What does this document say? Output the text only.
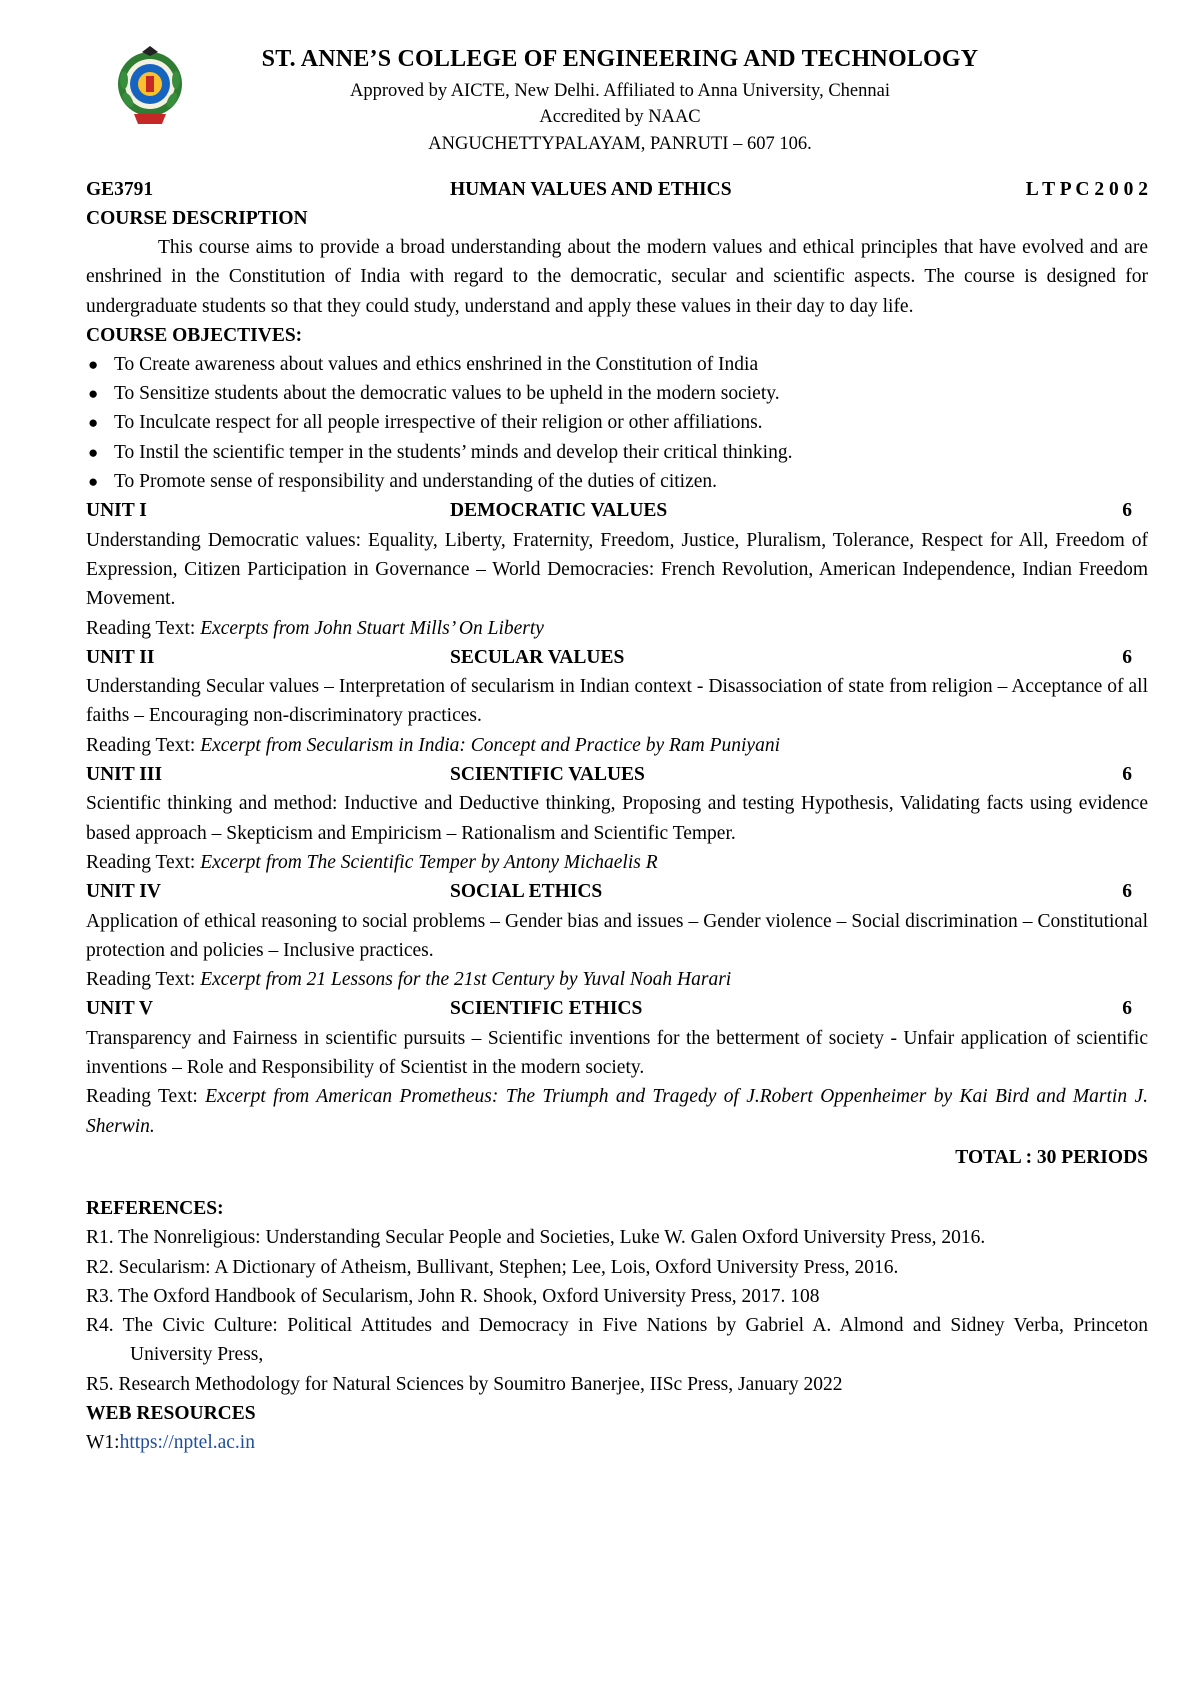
ST. ANNE’S COLLEGE OF ENGINEERING AND TECHNOLOGY
Approved by AICTE, New Delhi. Affiliated to Anna University, Chennai
Accredited by NAAC
ANGUCHETTYPALAYAM, PANRUTI – 607 106.
GE3791	HUMAN VALUES AND ETHICS	L T P C 2 0 0 2
COURSE DESCRIPTION

This course aims to provide a broad understanding about the modern values and ethical principles that have evolved and are enshrined in the Constitution of India with regard to the democratic, secular and scientific aspects. The course is designed for undergraduate students so that they could study, understand and apply these values in their day to day life.

COURSE OBJECTIVES:
● To Create awareness about values and ethics enshrined in the Constitution of India
● To Sensitize students about the democratic values to be upheld in the modern society.
● To Inculcate respect for all people irrespective of their religion or other affiliations.
● To Instil the scientific temper in the students’ minds and develop their critical thinking.
● To Promote sense of responsibility and understanding of the duties of citizen.
UNIT I	DEMOCRATIC VALUES	6

Understanding Democratic values: Equality, Liberty, Fraternity, Freedom, Justice, Pluralism, Tolerance, Respect for All, Freedom of Expression, Citizen Participation in Governance – World Democracies: French Revolution, American Independence, Indian Freedom Movement.

Reading Text: Excerpts from John Stuart Mills’ On Liberty

UNIT II	SECULAR VALUES	6

Understanding Secular values – Interpretation of secularism in Indian context - Disassociation of state from religion – Acceptance of all faiths – Encouraging non-discriminatory practices.

Reading Text: Excerpt from Secularism in India: Concept and Practice by Ram Puniyani

UNIT III	SCIENTIFIC VALUES	6

Scientific thinking and method: Inductive and Deductive thinking, Proposing and testing Hypothesis, Validating facts using evidence based approach – Skepticism and Empiricism – Rationalism and Scientific Temper.

Reading Text: Excerpt from The Scientific Temper by Antony Michaelis R

UNIT IV	SOCIAL ETHICS	6

Application of ethical reasoning to social problems – Gender bias and issues – Gender violence – Social discrimination – Constitutional protection and policies – Inclusive practices.

Reading Text: Excerpt from 21 Lessons for the 21st Century by Yuval Noah Harari

UNIT V	SCIENTIFIC ETHICS	6

Transparency and Fairness in scientific pursuits – Scientific inventions for the betterment of society - Unfair application of scientific inventions – Role and Responsibility of Scientist in the modern society.

Reading Text: Excerpt from American Prometheus: The Triumph and Tragedy of J.Robert Oppenheimer by Kai Bird and Martin J. Sherwin.

TOTAL : 30 PERIODS
REFERENCES:
R1. The Nonreligious: Understanding Secular People and Societies, Luke W. Galen Oxford University Press, 2016.
R2. Secularism: A Dictionary of Atheism, Bullivant, Stephen; Lee, Lois, Oxford University Press, 2016.
R3. The Oxford Handbook of Secularism, John R. Shook, Oxford University Press, 2017. 108
R4. The Civic Culture: Political Attitudes and Democracy in Five Nations by Gabriel A. Almond and Sidney Verba, Princeton University Press,
R5. Research Methodology for Natural Sciences by Soumitro Banerjee, IISc Press, January 2022
WEB RESOURCES
W1:https://nptel.ac.in
